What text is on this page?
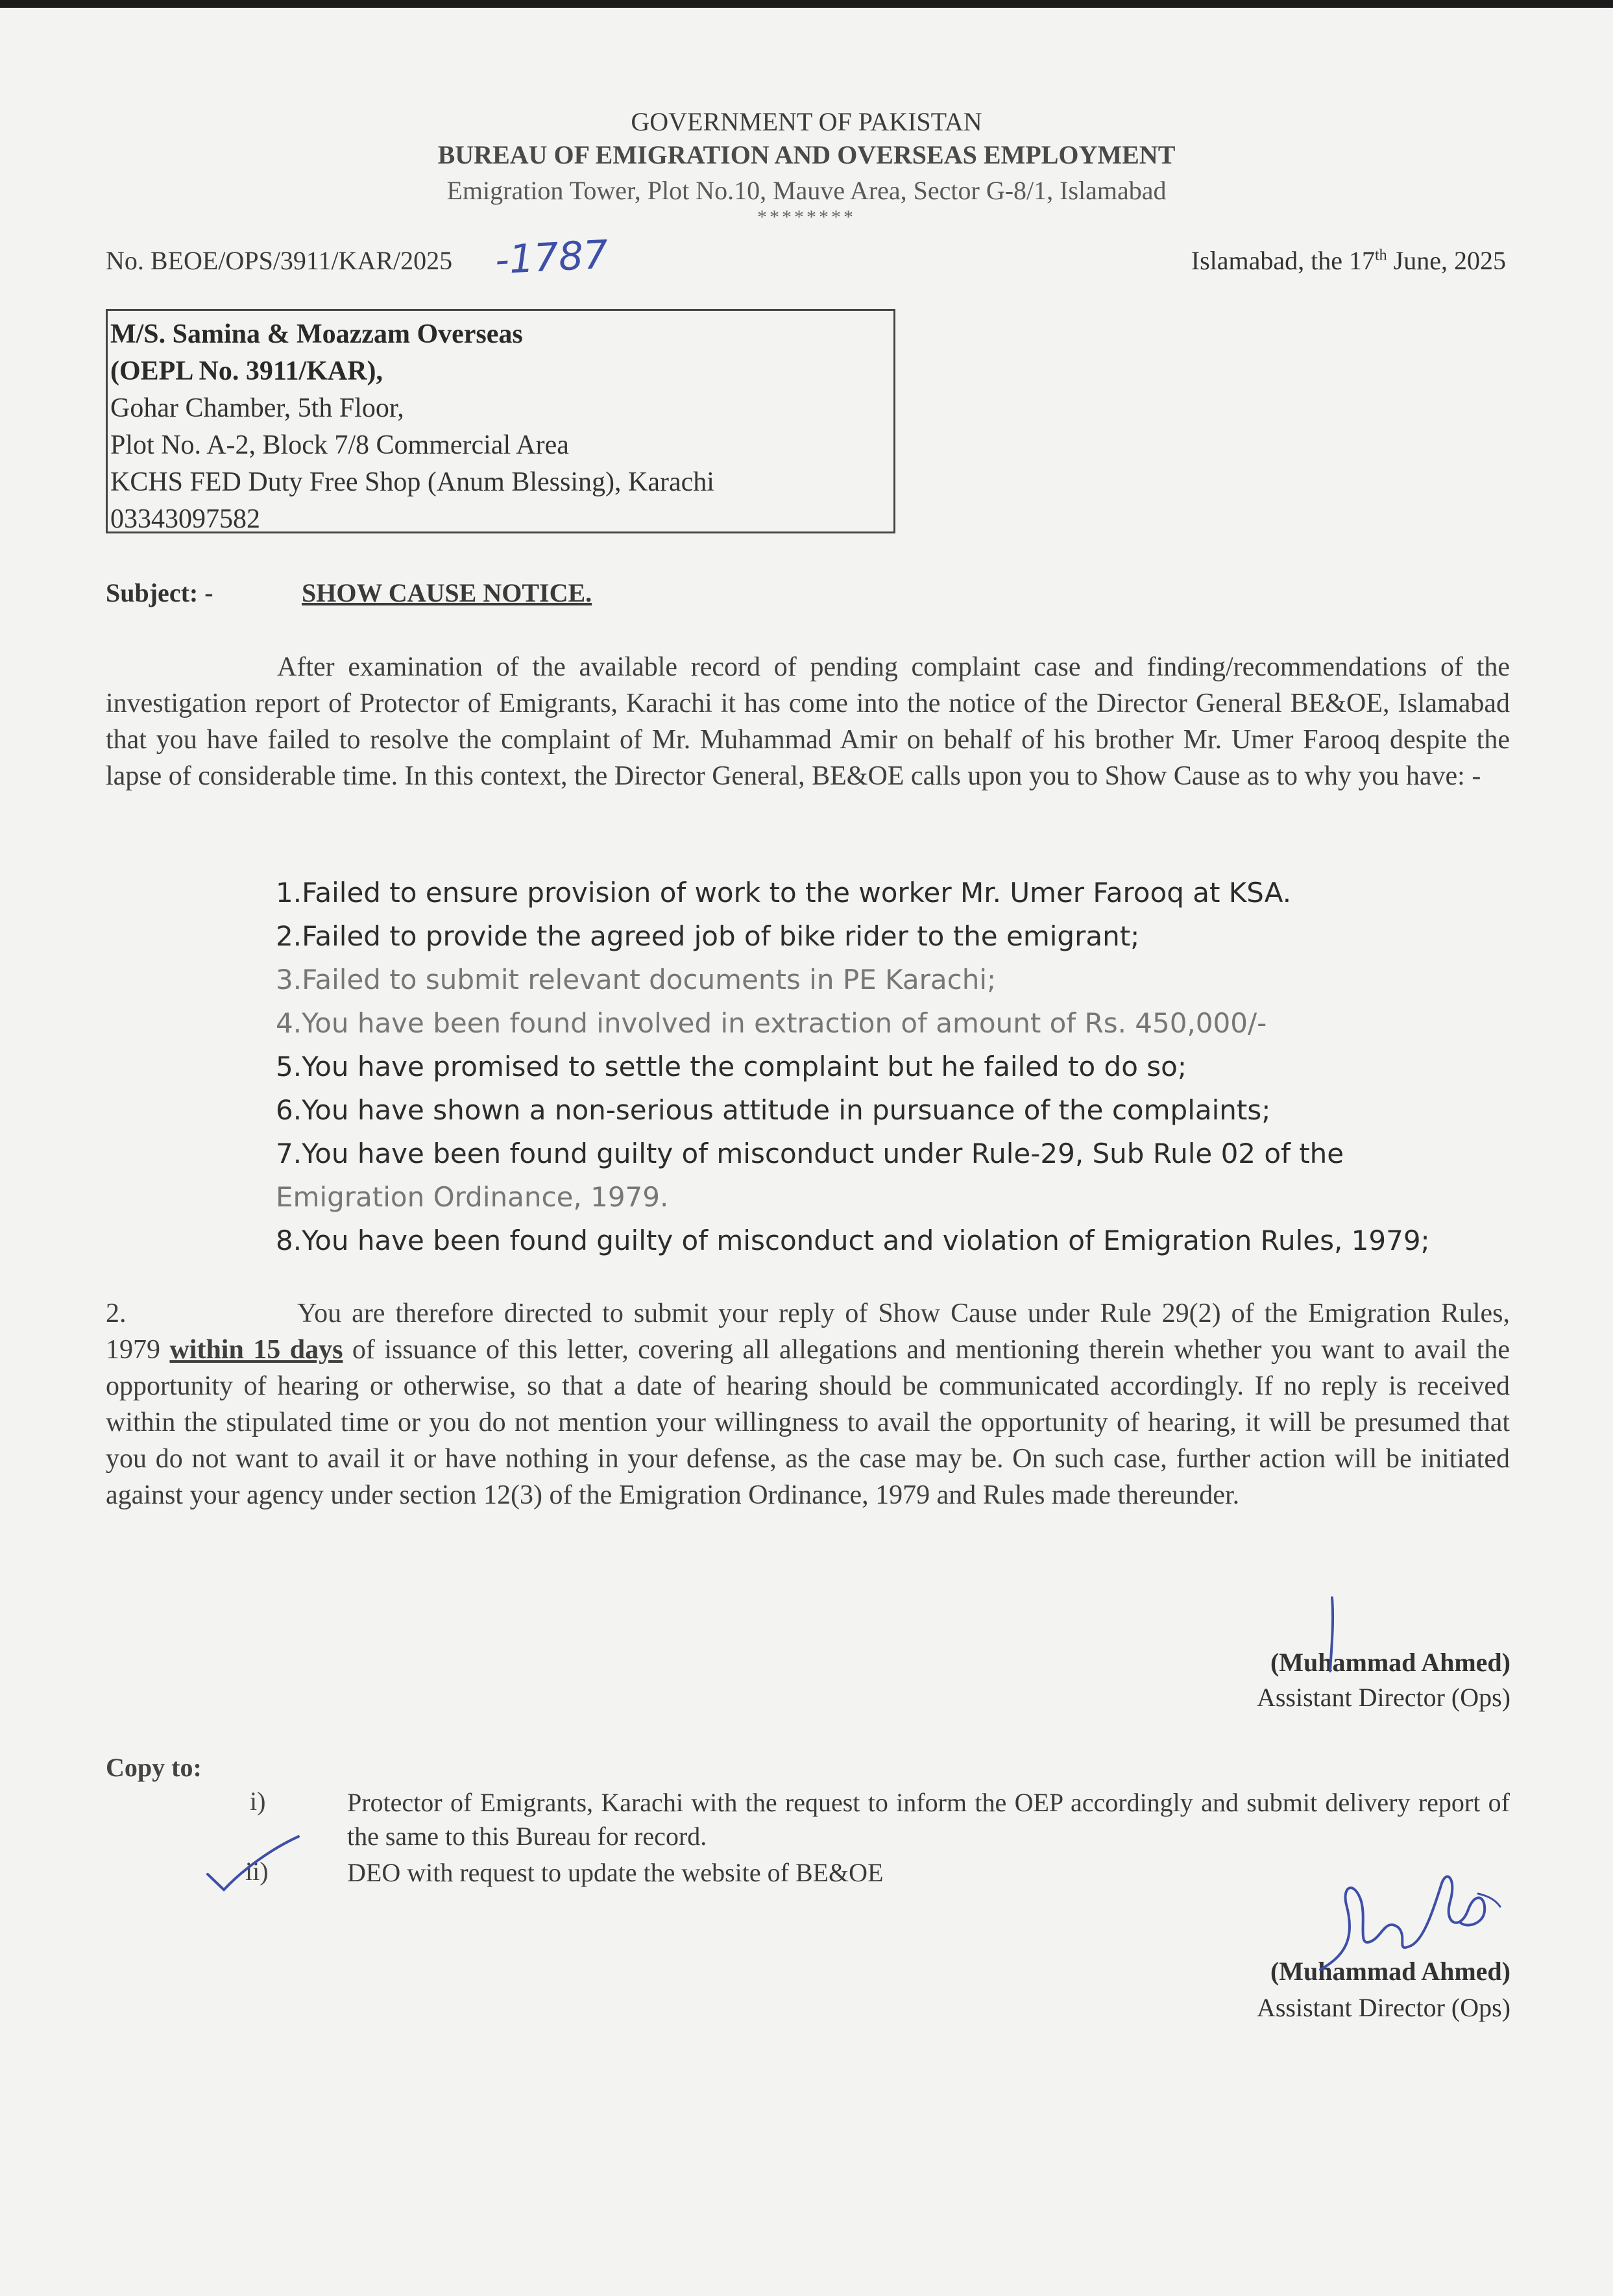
GOVERNMENT OF PAKISTAN
BUREAU OF EMIGRATION AND OVERSEAS EMPLOYMENT
Emigration Tower, Plot No.10, Mauve Area, Sector G-8/1, Islamabad
********
No. BEOE/OPS/3911/KAR/2025 -1787	Islamabad, the 17th June, 2025
M/S. Samina & Moazzam Overseas
(OEPL No. 3911/KAR),
Gohar Chamber, 5th Floor,
Plot No. A-2, Block 7/8 Commercial Area
KCHS FED Duty Free Shop (Anum Blessing), Karachi
03343097582
Subject: -	SHOW CAUSE NOTICE.
After examination of the available record of pending complaint case and finding/recommendations of the investigation report of Protector of Emigrants, Karachi it has come into the notice of the Director General BE&OE, Islamabad that you have failed to resolve the complaint of Mr. Muhammad Amir on behalf of his brother Mr. Umer Farooq despite the lapse of considerable time. In this context, the Director General, BE&OE calls upon you to Show Cause as to why you have: -
1.Failed to ensure provision of work to the worker Mr. Umer Farooq at KSA.
2.Failed to provide the agreed job of bike rider to the emigrant;
3.Failed to submit relevant documents in PE Karachi;
4.You have been found involved in extraction of amount of Rs. 450,000/-
5.You have promised to settle the complaint but he failed to do so;
6.You have shown a non-serious attitude in pursuance of the complaints;
7.You have been found guilty of misconduct under Rule-29, Sub Rule 02 of the
Emigration Ordinance, 1979.
8.You have been found guilty of misconduct and violation of Emigration Rules, 1979;
2.	You are therefore directed to submit your reply of Show Cause under Rule 29(2) of the Emigration Rules, 1979 within 15 days of issuance of this letter, covering all allegations and mentioning therein whether you want to avail the opportunity of hearing or otherwise, so that a date of hearing should be communicated accordingly. If no reply is received within the stipulated time or you do not mention your willingness to avail the opportunity of hearing, it will be presumed that you do not want to avail it or have nothing in your defense, as the case may be. On such case, further action will be initiated against your agency under section 12(3) of the Emigration Ordinance, 1979 and Rules made thereunder.
(Muhammad Ahmed)
Assistant Director (Ops)
Copy to:
i)	Protector of Emigrants, Karachi with the request to inform the OEP accordingly and submit delivery report of the same to this Bureau for record.
ii)	DEO with request to update the website of BE&OE
(Muhammad Ahmed)
Assistant Director (Ops)
